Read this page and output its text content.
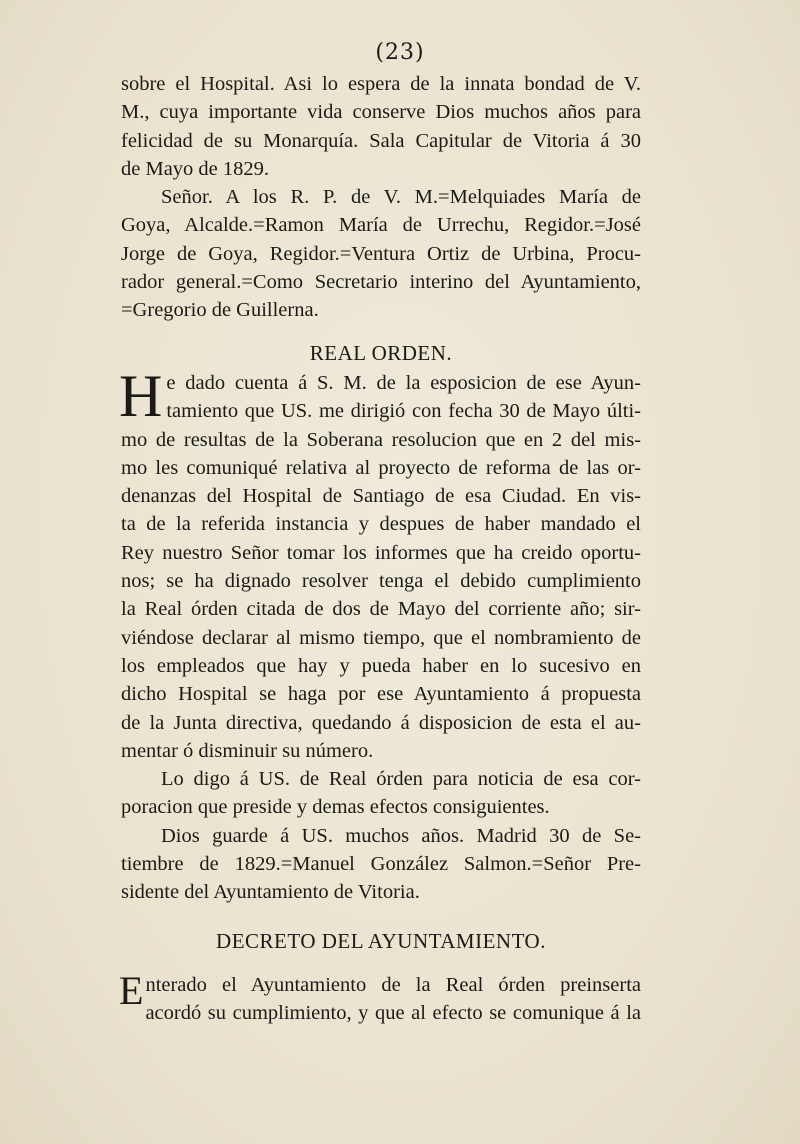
(23)
sobre el Hospital. Asi lo espera de la innata bondad de V.
M., cuya importante vida conserve Dios muchos años para
felicidad de su Monarquía. Sala Capitular de Vitoria á 30
de Mayo de 1829.
Señor. A los R. P. de V. M.=Melquiades María de
Goya, Alcalde.=Ramon María de Urrechu, Regidor.=José
Jorge de Goya, Regidor.=Ventura Ortiz de Urbina, Procu-
rador general.=Como Secretario interino del Ayuntamiento,
=Gregorio de Guillerna.
REAL ORDEN.
H e dado cuenta á S. M. de la esposicion de ese Ayun-
tamiento que US. me dirigió con fecha 30 de Mayo últi-
mo de resultas de la Soberana resolucion que en 2 del mis-
mo les comuniqué relativa al proyecto de reforma de las or-
denanzas del Hospital de Santiago de esa Ciudad. En vis-
ta de la referida instancia y despues de haber mandado el
Rey nuestro Señor tomar los informes que ha creido oportu-
nos; se ha dignado resolver tenga el debido cumplimiento
la Real órden citada de dos de Mayo del corriente año; sir-
viéndose declarar al mismo tiempo, que el nombramiento de
los empleados que hay y pueda haber en lo sucesivo en
dicho Hospital se haga por ese Ayuntamiento á propuesta
de la Junta directiva, quedando á disposicion de esta el au-
mentar ó disminuir su número.
Lo digo á US. de Real órden para noticia de esa cor-
poracion que preside y demas efectos consiguientes.
Dios guarde á US. muchos años. Madrid 30 de Se-
tiembre de 1829.=Manuel González Salmon.=Señor Pre-
sidente del Ayuntamiento de Vitoria.
DECRETO DEL AYUNTAMIENTO.
E nterado el Ayuntamiento de la Real órden preinserta
acordó su cumplimiento, y que al efecto se comunique á la
